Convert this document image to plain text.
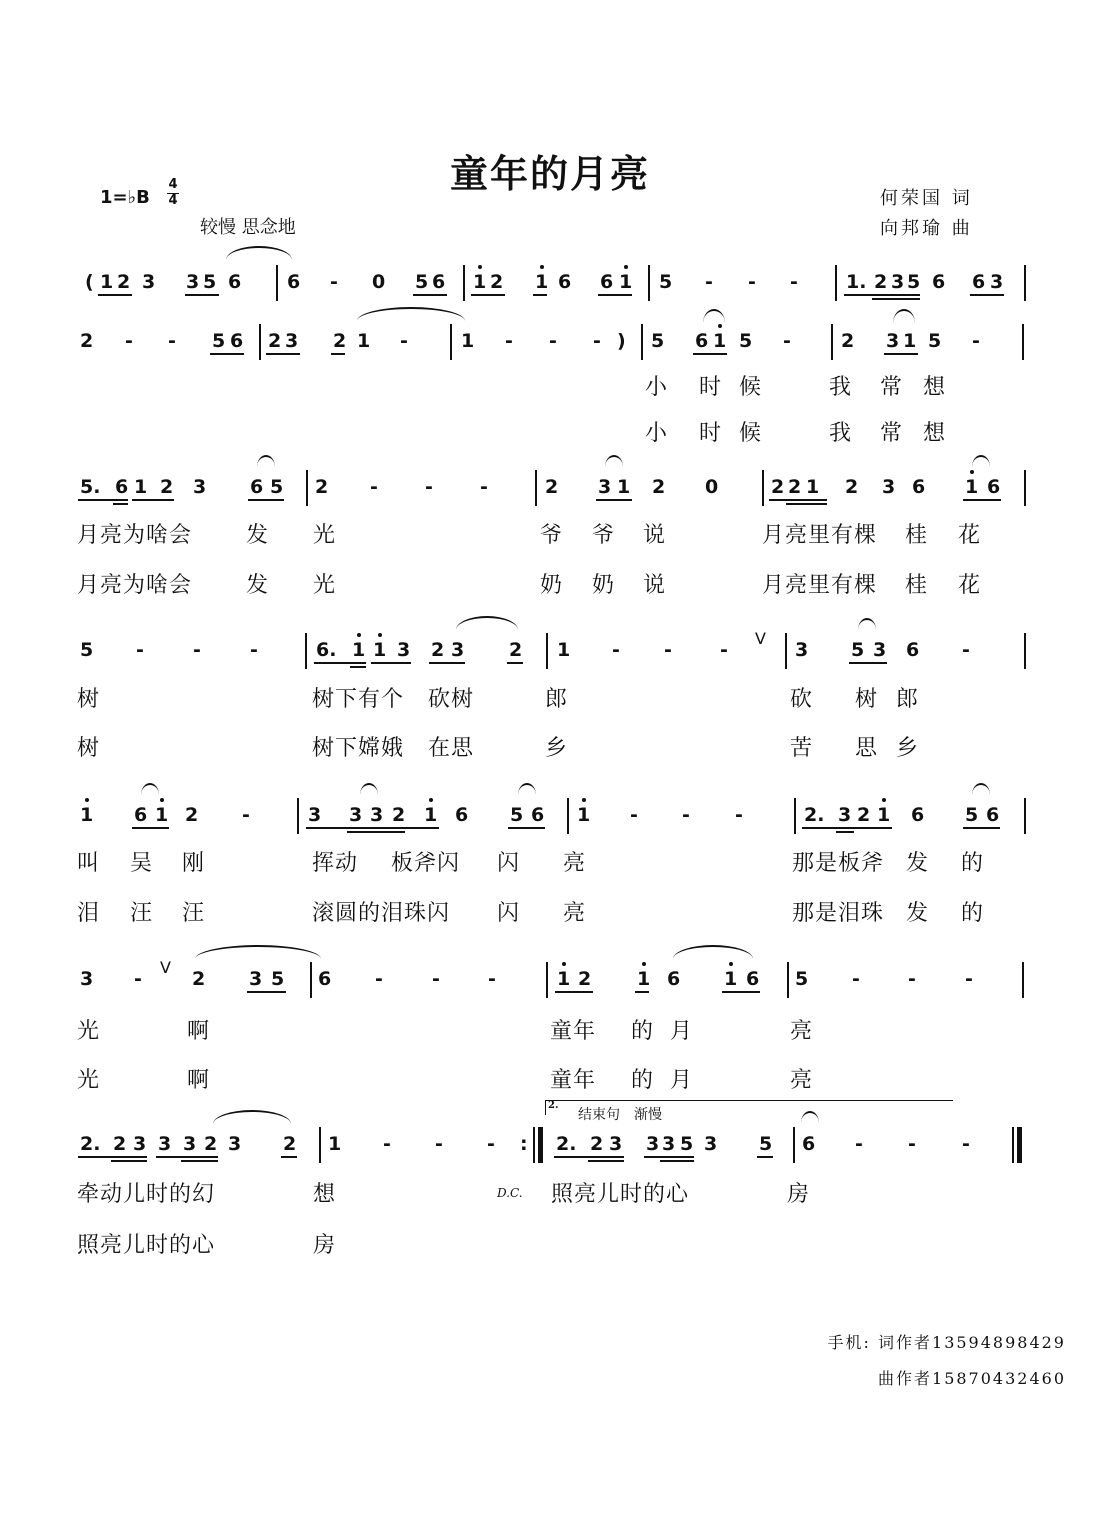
童年的月亮
1=♭B
4
4
较慢 思念地
何荣国 词
向邦瑜 曲
( 1 2 3 3 5 6 6 - 0 5 6 1 2 1 6 6 1 5 - - -	1. 2 3 5 6 6 3
2 - - 5 6 2 3 2 1 -	1 - - - ) 5 6 1 5 -	2 3 1 5 -
小 时 候	我 常 想
小 时 候	我 常 想
5. 6 1 2 3 6 5 2 - - -	2 3 1 2 0	2 2 1 2 3 6 1 6
月亮为啥会 发 光	爷 爷 说	月亮里有棵 桂 花
月亮为啥会 发 光	奶 奶 说	月亮里有棵 桂 花
5 -	-	-	6. 1 1 3 2 3 2 1 - -	-
V
3 5 3 6 -
树	树下有个 砍树	郎	砍 树 郎
树	树下嫦娥 在思	乡	苦 思 乡
1 6 1 2 -	3 3 3 2 1 6 5 6 1 - - -	2. 3 2 1 6 5 6
叫 吴 刚	挥动 板斧闪 闪 亮	那是板斧 发 的
泪 汪 汪	滚圆的泪珠闪 闪 亮	那是泪珠 发 的
3 -
V
2 3 5 6 -	-	-	1 2 1 6 1 6 5 -	-	-
光	啊	童年 的 月	亮
光	啊	童年 的 月	亮
2.
结束句　渐慢
2. 2 3 3 3 2 3 2 1 - - - : 2. 2 3 3 3 5 3 5 6 - - -
牵动儿时的幻	想	D.C. 照亮儿时的心	房
照亮儿时的心	房
手机: 词作者13594898429
曲作者15870432460
